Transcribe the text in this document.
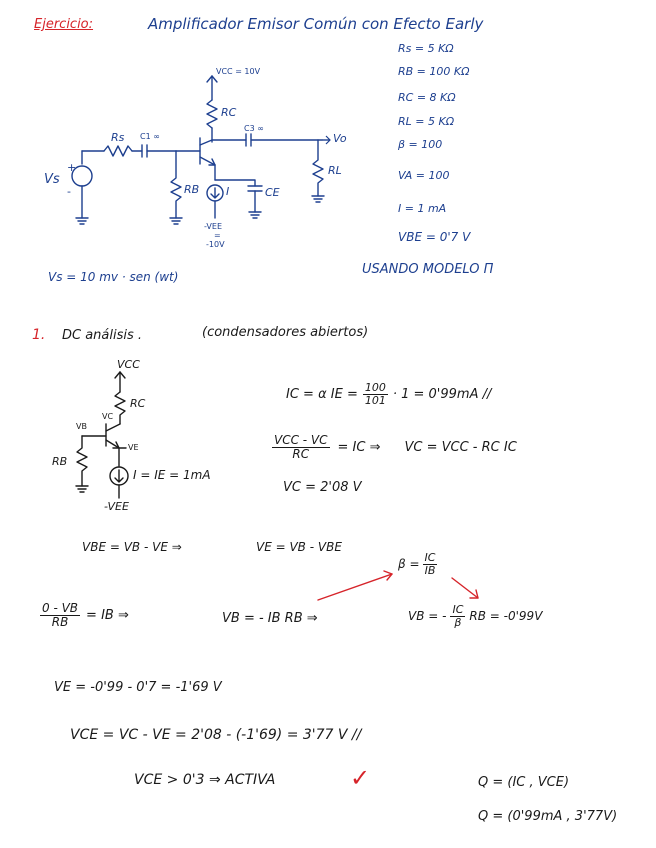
Ejercicio:	Amplificador Emisor Común con Efecto Early
Rs = 5 KΩ
RB = 100 KΩ
RC = 8 KΩ
RL = 5 KΩ
β = 100
VA = 100
I = 1 mA
VBE = 0'7 V
USANDO MODELO Π
Vs = 10 mv · sen (wt)
VCC = 10V
RC
Rs C1 ∞
C3 ∞
Vo
RL
Vs
+
-	RB I	CE
-VEE
=
-10V
1. DC análisis .	(condensadores abiertos)
VCC
RC
VC
VB
VE
RB
I = IE = 1mA
-VEE
IC = α IE = $\frac{100}{101} \cdot 1 = 0'99mA$ //
$\frac{\text{VCC - VC}}{RC}$ = IC ⇒ VC = VCC - RC IC
VC = 2'08 V
VBE = VB - VE ⇒	VE = VB - VBE
$\beta = \frac{IC}{IB}$
$\frac{0 - VB}{RB}$ = IB ⇒	VB = - IB RB ⇒	VB = - $\frac{IC}{\beta}$ RB = -0'99V
VE = -0'99 - 0'7 = -1'69 V
VCE = VC - VE = 2'08 - (-1'69) = 3'77 V //
VCE > 0'3 ⇒ ACTIVA	✓	Q = (IC , VCE)
Q = (0'99mA , 3'77V)
